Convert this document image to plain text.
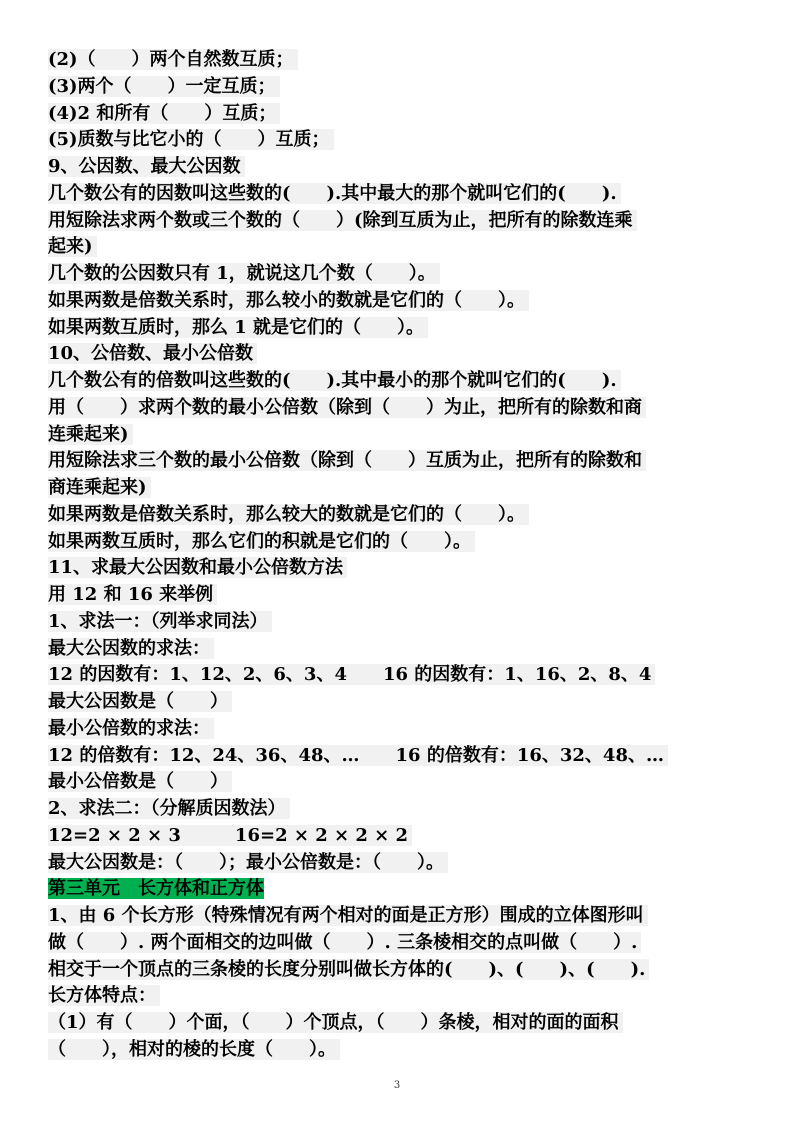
(2)（　　）两个自然数互质；
(3)两个（　　）一定互质；
(4)2 和所有（　　）互质；
(5)质数与比它小的（　　）互质；
9、公因数、最大公因数
几个数公有的因数叫这些数的(　　).其中最大的那个就叫它们的(　　).
用短除法求两个数或三个数的（　　）(除到互质为止，把所有的除数连乘
起来)
几个数的公因数只有 1，就说这几个数（　　）。
如果两数是倍数关系时，那么较小的数就是它们的（　　）。
如果两数互质时，那么 1 就是它们的（　　）。
10、公倍数、最小公倍数
几个数公有的倍数叫这些数的(　　).其中最小的那个就叫它们的(　　).
用（　　）求两个数的最小公倍数（除到（　　）为止，把所有的除数和商
连乘起来)
用短除法求三个数的最小公倍数（除到（　　）互质为止，把所有的除数和
商连乘起来)
如果两数是倍数关系时，那么较大的数就是它们的（　　）。
如果两数互质时，那么它们的积就是它们的（　　）。
11、求最大公因数和最小公倍数方法
用 12 和 16 来举例
1、求法一：（列举求同法）
最大公因数的求法：
12 的因数有：1、12、2、6、3、4　　16 的因数有：1、16、2、8、4
最大公因数是（　　）
最小公倍数的求法：
12 的倍数有：12、24、36、48、…　　16 的倍数有：16、32、48、…
最小公倍数是（　　）
2、求法二：（分解质因数法）
12=2 × 2 × 3　　　16=2 × 2 × 2 × 2
最大公因数是：（　　）；最小公倍数是：（　　）。
第三单元　长方体和正方体
1、由 6 个长方形（特殊情况有两个相对的面是正方形）围成的立体图形叫
做（　　）. 两个面相交的边叫做（　　）. 三条棱相交的点叫做（　　）.
相交于一个顶点的三条棱的长度分别叫做长方体的(　　)、(　　)、(　　).
长方体特点：
（1）有（　　）个面，（　　）个顶点，（　　）条棱，相对的面的面积
（　　），相对的棱的长度（　　）。
3
